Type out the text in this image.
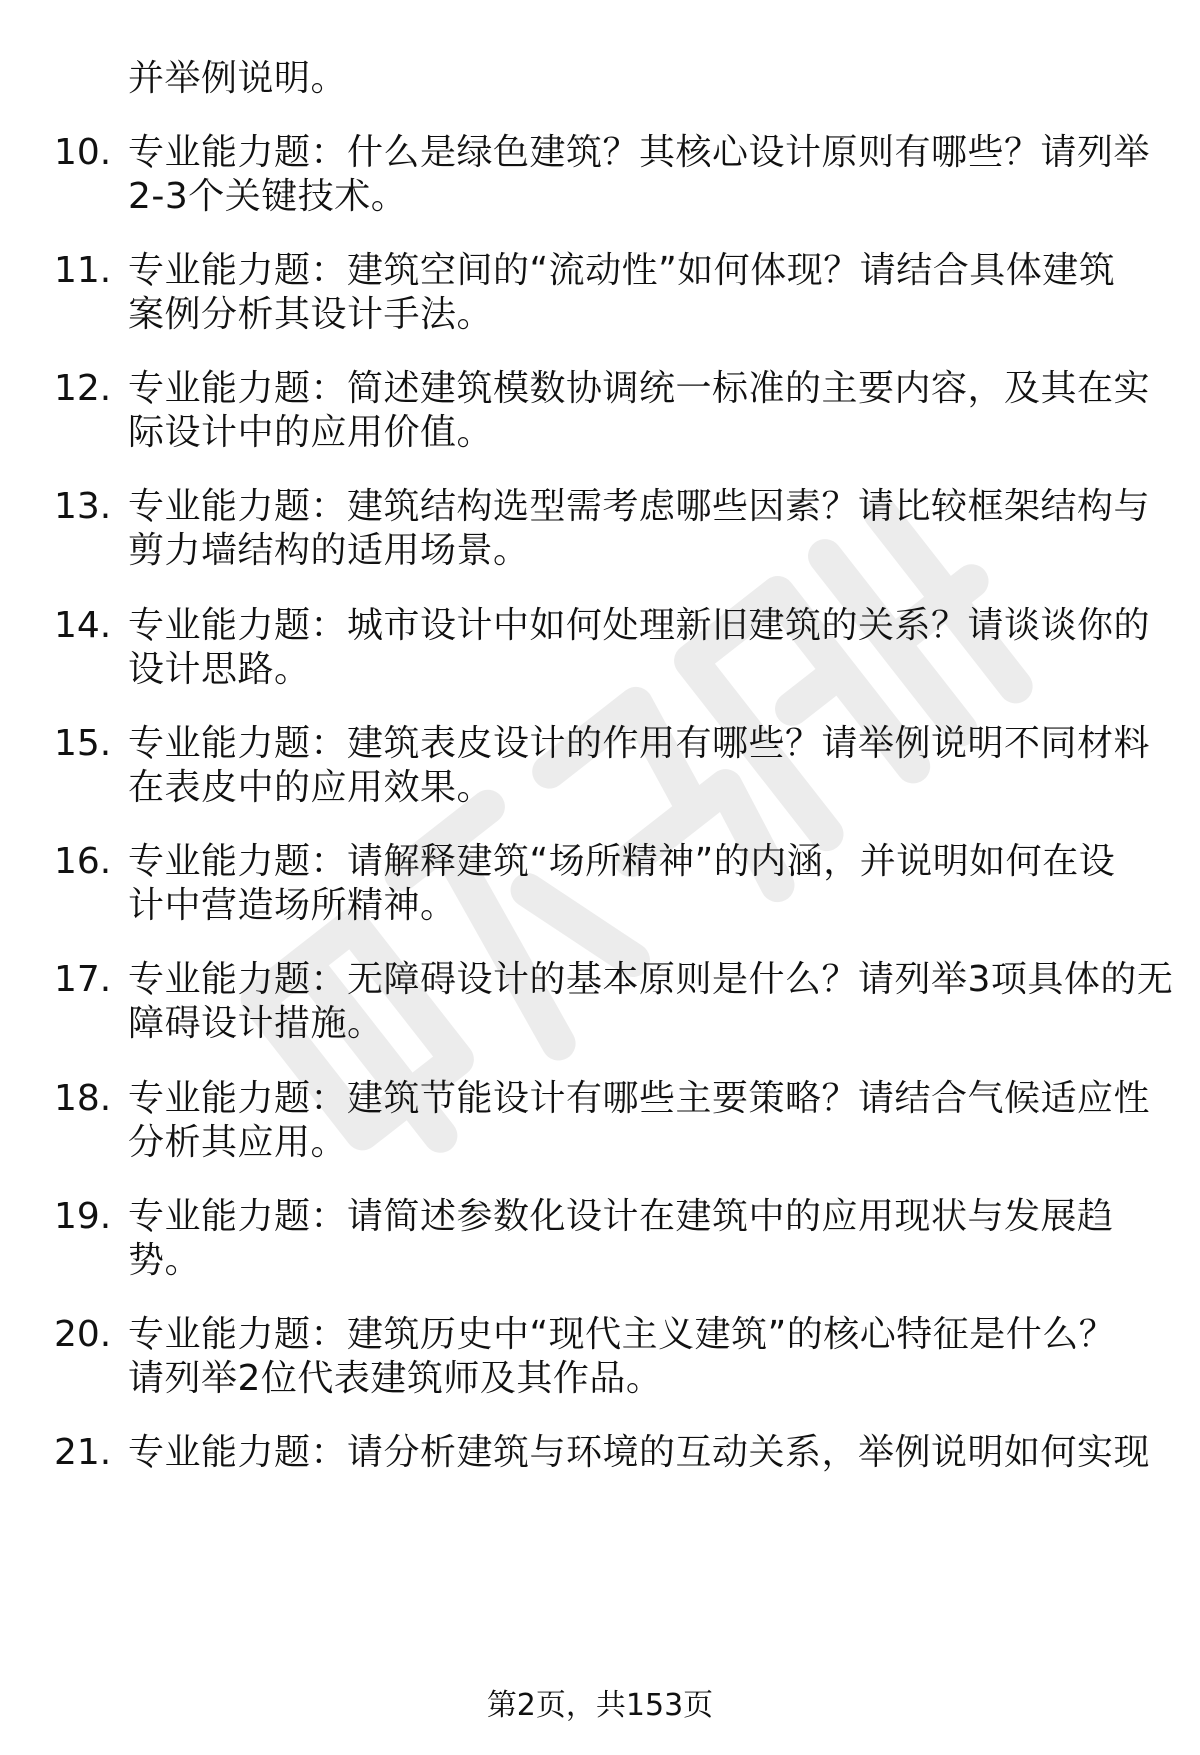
并举例说明。
10. 专业能力题：什么是绿色建筑？其核心设计原则有哪些？请列举
2-3个关键技术。
11. 专业能力题：建筑空间的“流动性”如何体现？请结合具体建筑
案例分析其设计手法。
12. 专业能力题：简述建筑模数协调统一标准的主要内容，及其在实
际设计中的应用价值。
13. 专业能力题：建筑结构选型需考虑哪些因素？请比较框架结构与
剪力墙结构的适用场景。
14. 专业能力题：城市设计中如何处理新旧建筑的关系？请谈谈你的
设计思路。
15. 专业能力题：建筑表皮设计的作用有哪些？请举例说明不同材料
在表皮中的应用效果。
16. 专业能力题：请解释建筑“场所精神”的内涵，并说明如何在设
计中营造场所精神。
17. 专业能力题：无障碍设计的基本原则是什么？请列举3项具体的无
障碍设计措施。
18. 专业能力题：建筑节能设计有哪些主要策略？请结合气候适应性
分析其应用。
19. 专业能力题：请简述参数化设计在建筑中的应用现状与发展趋
势。
20. 专业能力题：建筑历史中“现代主义建筑”的核心特征是什么？
请列举2位代表建筑师及其作品。
21. 专业能力题：请分析建筑与环境的互动关系，举例说明如何实现
第2页，共153页
